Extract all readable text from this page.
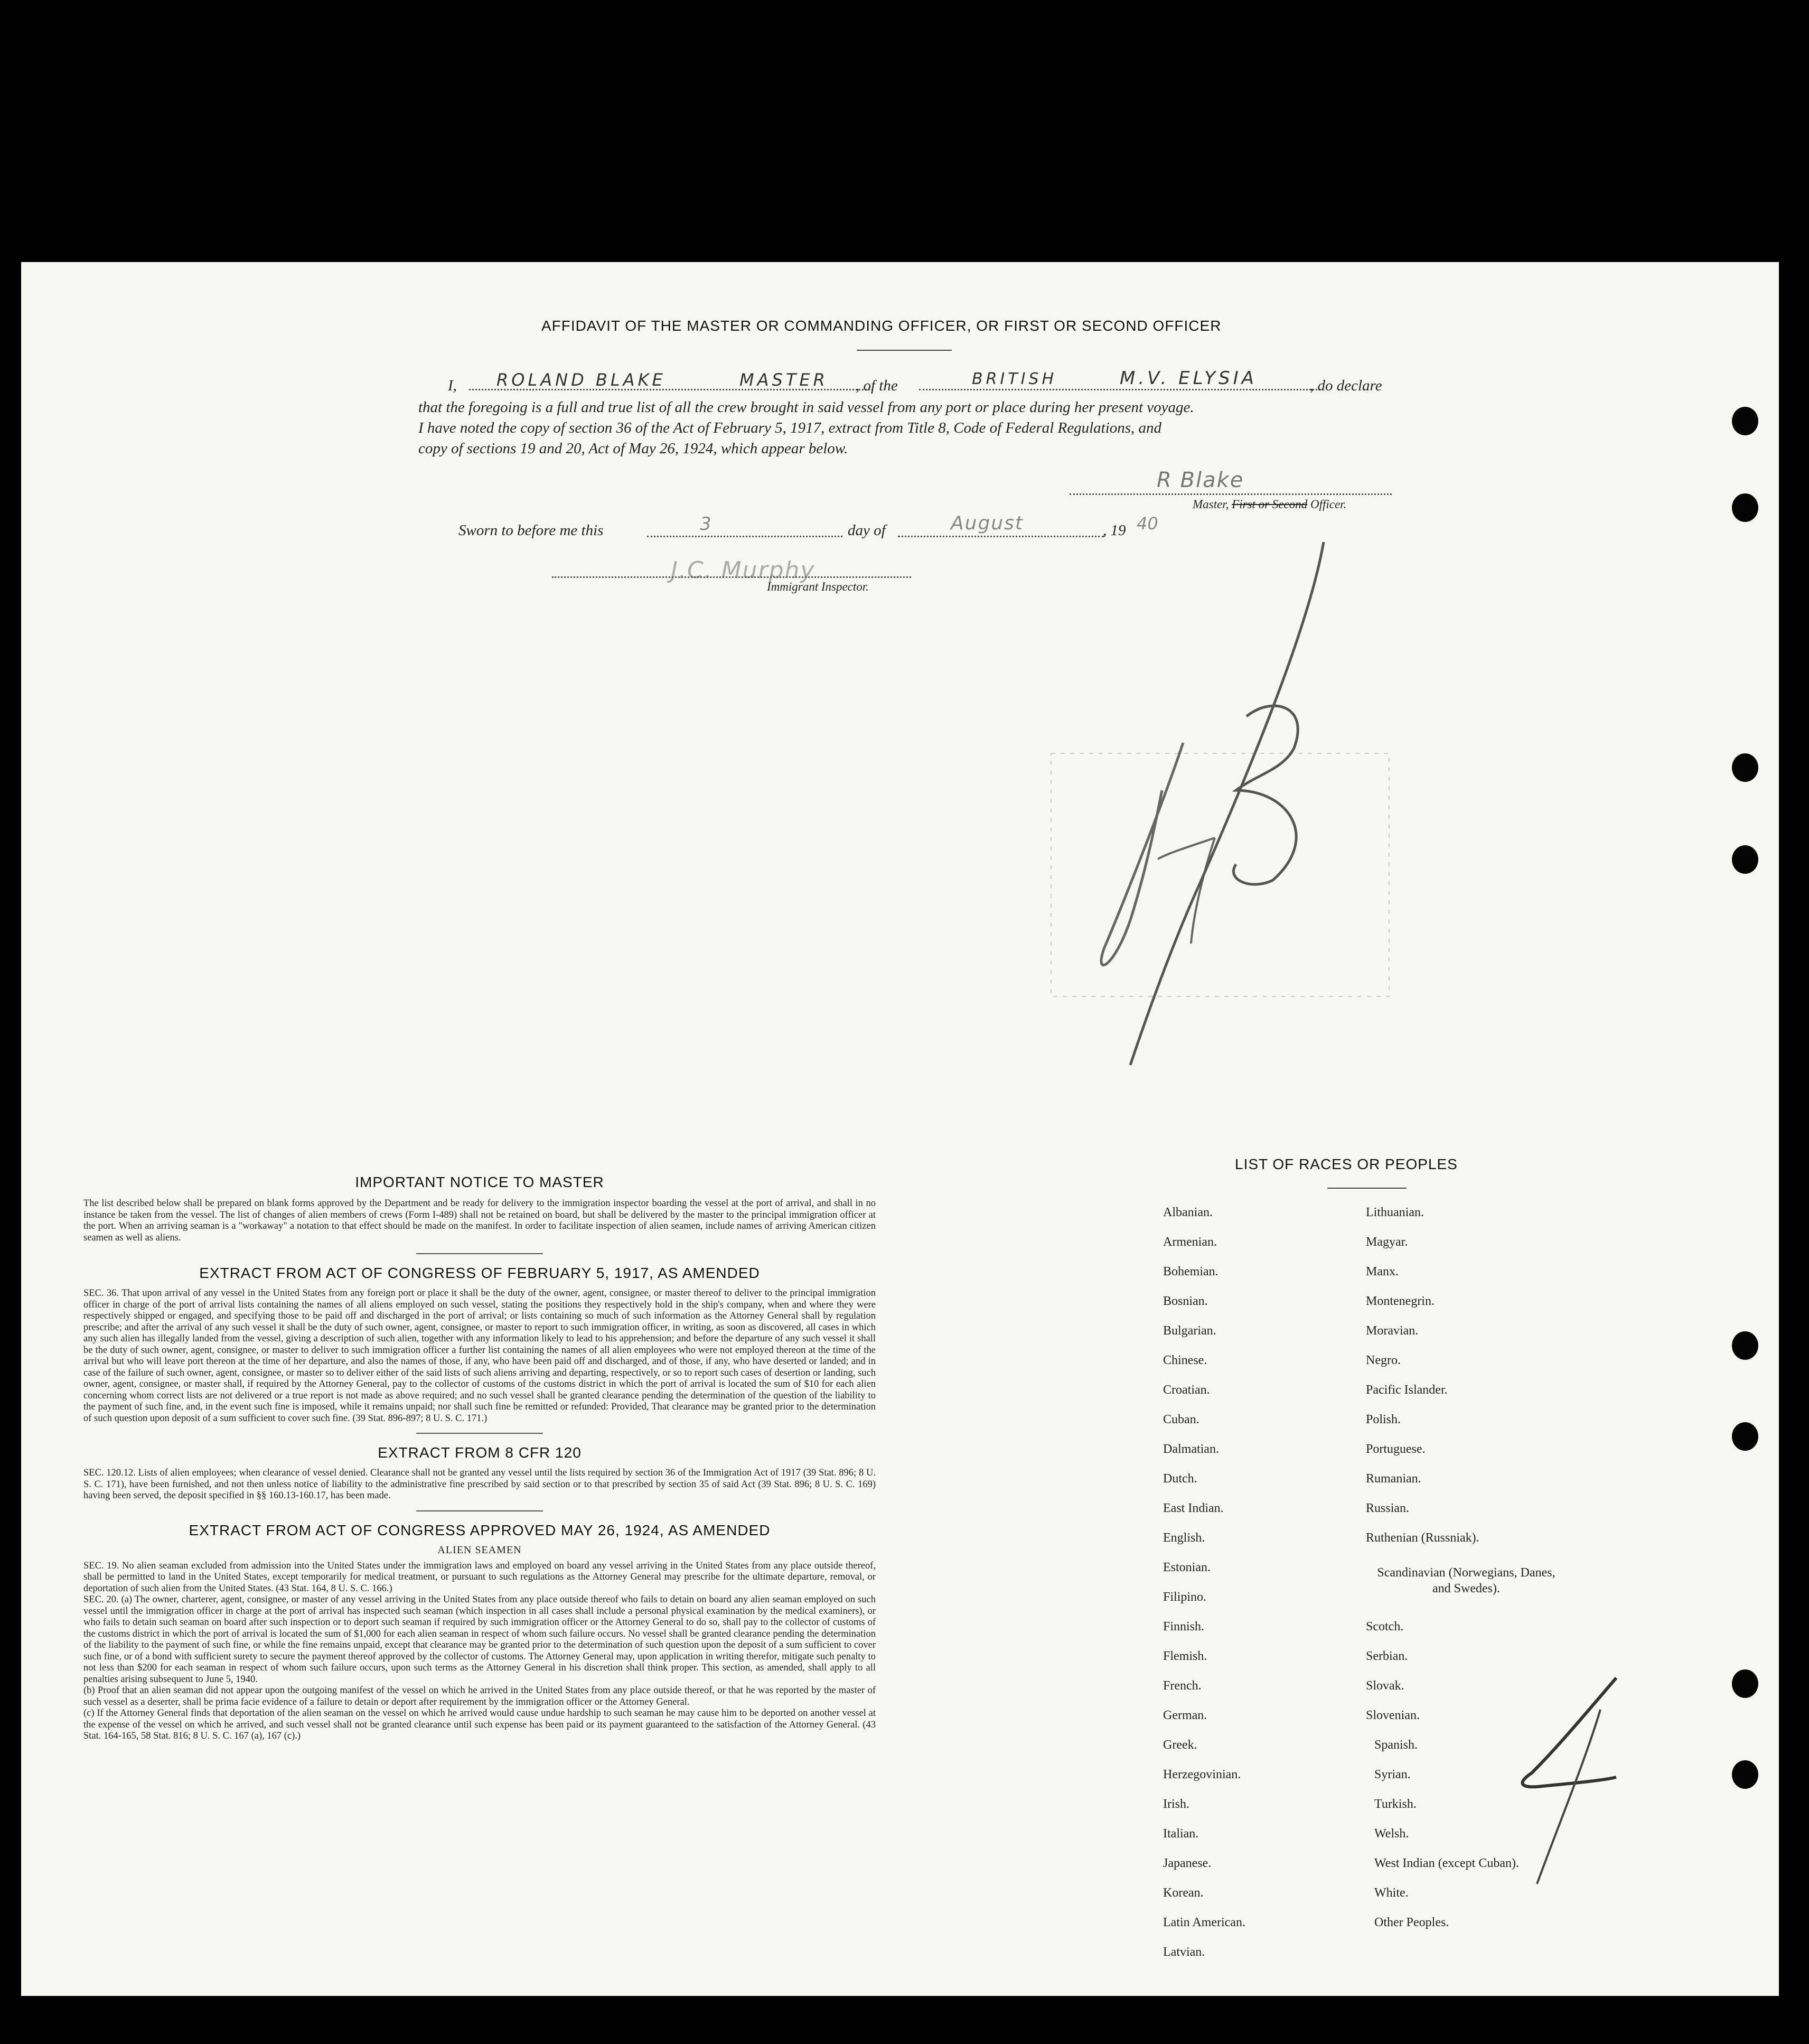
AFFIDAVIT OF THE MASTER OR COMMANDING OFFICER, OR FIRST OR SECOND OFFICER
I, ROLAND BLAKE	MASTER , of the	BRITISH	M.V. ELYSIA	, do declare
that the foregoing is a full and true list of all the crew brought in said vessel from any port or place during her present voyage.
I have noted the copy of section 36 of the Act of February 5, 1917, extract from Title 8, Code of Federal Regulations, and
copy of sections 19 and 20, Act of May 26, 1924, which appear below.
R Blake
Master, First or Second Officer.
Sworn to before me this	3	day of	August	, 19 40
J.C. Murphy
Immigrant Inspector.
IMPORTANT NOTICE TO MASTER
The list described below shall be prepared on blank forms approved by the Department and be ready for delivery to the immigration inspector boarding the vessel at the port of arrival, and shall in no instance be taken from the vessel. The list of changes of alien members of crews (Form I-489) shall not be retained on board, but shall be delivered by the master to the principal immigration officer at the port. When an arriving seaman is a "workaway" a notation to that effect should be made on the manifest. In order to facilitate inspection of alien seamen, include names of arriving American citizen seamen as well as aliens.
EXTRACT FROM ACT OF CONGRESS OF FEBRUARY 5, 1917, AS AMENDED
SEC. 36. That upon arrival of any vessel in the United States from any foreign port or place it shall be the duty of the owner, agent, consignee, or master thereof to deliver to the principal immigration officer in charge of the port of arrival lists containing the names of all aliens employed on such vessel, stating the positions they respectively hold in the ship's company, when and where they were respectively shipped or engaged, and specifying those to be paid off and discharged in the port of arrival; or lists containing so much of such information as the Attorney General shall by regulation prescribe; and after the arrival of any such vessel it shall be the duty of such owner, agent, consignee, or master to report to such immigration officer, in writing, as soon as discovered, all cases in which any such alien has illegally landed from the vessel, giving a description of such alien, together with any information likely to lead to his apprehension; and before the departure of any such vessel it shall be the duty of such owner, agent, consignee, or master to deliver to such immigration officer a further list containing the names of all alien employees who were not employed thereon at the time of the arrival but who will leave port thereon at the time of her departure, and also the names of those, if any, who have been paid off and discharged, and of those, if any, who have deserted or landed; and in case of the failure of such owner, agent, consignee, or master so to deliver either of the said lists of such aliens arriving and departing, respectively, or so to report such cases of desertion or landing, such owner, agent, consignee, or master shall, if required by the Attorney General, pay to the collector of customs of the customs district in which the port of arrival is located the sum of $10 for each alien concerning whom correct lists are not delivered or a true report is not made as above required; and no such vessel shall be granted clearance pending the determination of the question of the liability to the payment of such fine, and, in the event such fine is imposed, while it remains unpaid; nor shall such fine be remitted or refunded: Provided, That clearance may be granted prior to the determination of such question upon deposit of a sum sufficient to cover such fine. (39 Stat. 896-897; 8 U. S. C. 171.)
EXTRACT FROM 8 CFR 120
SEC. 120.12. Lists of alien employees; when clearance of vessel denied. Clearance shall not be granted any vessel until the lists required by section 36 of the Immigration Act of 1917 (39 Stat. 896; 8 U. S. C. 171), have been furnished, and not then unless notice of liability to the administrative fine prescribed by said section or to that prescribed by section 35 of said Act (39 Stat. 896; 8 U. S. C. 169) having been served, the deposit specified in §§ 160.13-160.17, has been made.
EXTRACT FROM ACT OF CONGRESS APPROVED MAY 26, 1924, AS AMENDED
ALIEN SEAMEN
SEC. 19. No alien seaman excluded from admission into the United States under the immigration laws and employed on board any vessel arriving in the United States from any place outside thereof, shall be permitted to land in the United States, except temporarily for medical treatment, or pursuant to such regulations as the Attorney General may prescribe for the ultimate departure, removal, or deportation of such alien from the United States. (43 Stat. 164, 8 U. S. C. 166.)
SEC. 20. (a) The owner, charterer, agent, consignee, or master of any vessel arriving in the United States from any place outside thereof who fails to detain on board any alien seaman employed on such vessel until the immigration officer in charge at the port of arrival has inspected such seaman (which inspection in all cases shall include a personal physical examination by the medical examiners), or who fails to detain such seaman on board after such inspection or to deport such seaman if required by such immigration officer or the Attorney General to do so, shall pay to the collector of customs of the customs district in which the port of arrival is located the sum of $1,000 for each alien seaman in respect of whom such failure occurs. No vessel shall be granted clearance pending the determination of the liability to the payment of such fine, or while the fine remains unpaid, except that clearance may be granted prior to the determination of such question upon the deposit of a sum sufficient to cover such fine, or of a bond with sufficient surety to secure the payment thereof approved by the collector of customs. The Attorney General may, upon application in writing therefor, mitigate such penalty to not less than $200 for each seaman in respect of whom such failure occurs, upon such terms as the Attorney General in his discretion shall think proper. This section, as amended, shall apply to all penalties arising subsequent to June 5, 1940.
(b) Proof that an alien seaman did not appear upon the outgoing manifest of the vessel on which he arrived in the United States from any place outside thereof, or that he was reported by the master of such vessel as a deserter, shall be prima facie evidence of a failure to detain or deport after requirement by the immigration officer or the Attorney General.
(c) If the Attorney General finds that deportation of the alien seaman on the vessel on which he arrived would cause undue hardship to such seaman he may cause him to be deported on another vessel at the expense of the vessel on which he arrived, and such vessel shall not be granted clearance until such expense has been paid or its payment guaranteed to the satisfaction of the Attorney General. (43 Stat. 164-165, 58 Stat. 816; 8 U. S. C. 167 (a), 167 (c).)
LIST OF RACES OR PEOPLES
Albanian.
Armenian.
Bohemian.
Bosnian.
Bulgarian.
Chinese.
Croatian.
Cuban.
Dalmatian.
Dutch.
East Indian.
English.
Estonian.
Filipino.
Finnish.
Flemish.
French.
German.
Greek.
Herzegovinian.
Irish.
Italian.
Japanese.
Korean.
Latin American.
Latvian.
Lithuanian.
Magyar.
Manx.
Montenegrin.
Moravian.
Negro.
Pacific Islander.
Polish.
Portuguese.
Rumanian.
Russian.
Ruthenian (Russniak).
Scandinavian (Norwegians, Danes, and Swedes).
Scotch.
Serbian.
Slovak.
Slovenian.
Spanish.
Syrian.
Turkish.
Welsh.
West Indian (except Cuban).
White.
Other Peoples.
